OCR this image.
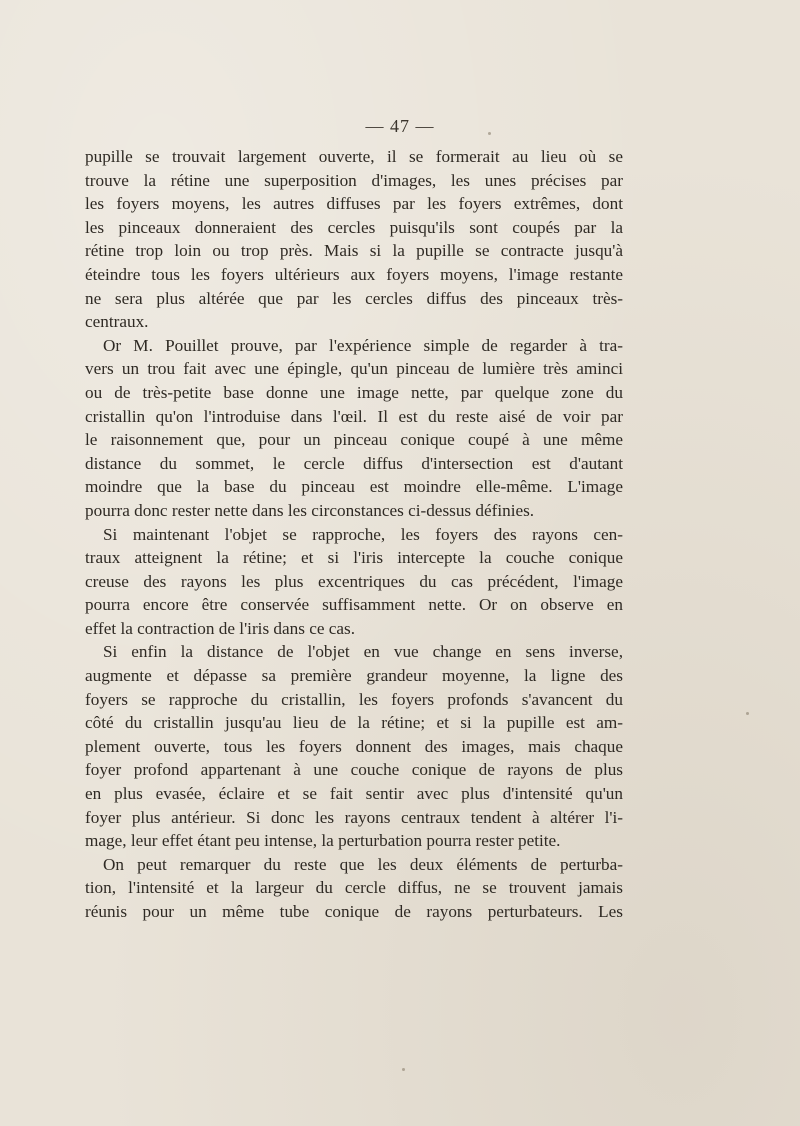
— 47 —
pupille se trouvait largement ouverte, il se formerait au lieu où se
trouve la rétine une superposition d'images, les unes précises par
les foyers moyens, les autres diffuses par les foyers extrêmes, dont
les pinceaux donneraient des cercles puisqu'ils sont coupés par la
rétine trop loin ou trop près. Mais si la pupille se contracte jusqu'à
éteindre tous les foyers ultérieurs aux foyers moyens, l'image restante
ne sera plus altérée que par les cercles diffus des pinceaux très-
centraux.
Or M. Pouillet prouve, par l'expérience simple de regarder à tra-
vers un trou fait avec une épingle, qu'un pinceau de lumière très aminci
ou de très-petite base donne une image nette, par quelque zone du
cristallin qu'on l'introduise dans l'œil. Il est du reste aisé de voir par
le raisonnement que, pour un pinceau conique coupé à une même
distance du sommet, le cercle diffus d'intersection est d'autant
moindre que la base du pinceau est moindre elle-même. L'image
pourra donc rester nette dans les circonstances ci-dessus définies.
Si maintenant l'objet se rapproche, les foyers des rayons cen-
traux atteignent la rétine; et si l'iris intercepte la couche conique
creuse des rayons les plus excentriques du cas précédent, l'image
pourra encore être conservée suffisamment nette. Or on observe en
effet la contraction de l'iris dans ce cas.
Si enfin la distance de l'objet en vue change en sens inverse,
augmente et dépasse sa première grandeur moyenne, la ligne des
foyers se rapproche du cristallin, les foyers profonds s'avancent du
côté du cristallin jusqu'au lieu de la rétine; et si la pupille est am-
plement ouverte, tous les foyers donnent des images, mais chaque
foyer profond appartenant à une couche conique de rayons de plus
en plus evasée, éclaire et se fait sentir avec plus d'intensité qu'un
foyer plus antérieur. Si donc les rayons centraux tendent à altérer l'i-
mage, leur effet étant peu intense, la perturbation pourra rester petite.
On peut remarquer du reste que les deux éléments de perturba-
tion, l'intensité et la largeur du cercle diffus, ne se trouvent jamais
réunis pour un même tube conique de rayons perturbateurs. Les
